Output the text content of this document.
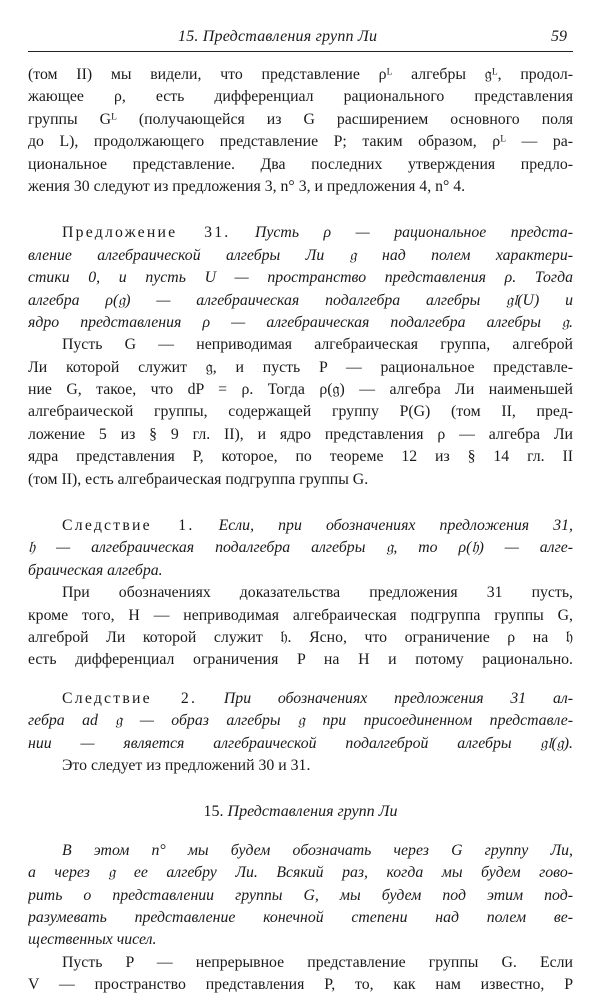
15. Представления групп Ли	59
(том II) мы видели, что представление ρᴸ алгебры 𝔤ᴸ, продол-
жающее ρ, есть дифференциал рационального представления
группы Gᴸ (получающейся из G расширением основного поля
до L), продолжающего представление P; таким образом, ρᴸ — ра-
циональное представление. Два последних утверждения предло-
жения 30 следуют из предложения 3, n° 3, и предложения 4, n° 4.
Предложение 31. Пусть ρ — рациональное предста-
вление алгебраической алгебры Ли 𝔤 над полем характери-
стики 0, и пусть U — пространство представления ρ. Тогда
алгебра ρ(𝔤) — алгебраическая подалгебра алгебры 𝔤𝔩(U) и
ядро представления ρ — алгебраическая подалгебра алгебры 𝔤.
Пусть G — неприводимая алгебраическая группа, алгеброй
Ли которой служит 𝔤, и пусть P — рациональное представле-
ние G, такое, что dP = ρ. Тогда ρ(𝔤) — алгебра Ли наименьшей
алгебраической группы, содержащей группу P(G) (том II, пред-
ложение 5 из § 9 гл. II), и ядро представления ρ — алгебра Ли
ядра представления P, которое, по теореме 12 из § 14 гл. II
(том II), есть алгебраическая подгруппа группы G.
Следствие 1. Если, при обозначениях предложения 31,
𝔥 — алгебраическая подалгебра алгебры 𝔤, то ρ(𝔥) — алге-
браическая алгебра.
При обозначениях доказательства предложения 31 пусть,
кроме того, H — неприводимая алгебраическая подгруппа группы G,
алгеброй Ли которой служит 𝔥. Ясно, что ограничение ρ на 𝔥
есть дифференциал ограничения P на H и потому рационально.
Следствие 2. При обозначениях предложения 31 ал-
гебра ad 𝔤 — образ алгебры 𝔤 при присоединенном представле-
нии — является алгебраической подалгеброй алгебры 𝔤𝔩(𝔤).
Это следует из предложений 30 и 31.
15. Представления групп Ли
В этом n° мы будем обозначать через G группу Ли,
а через 𝔤 ее алгебру Ли. Всякий раз, когда мы будем гово-
рить о представлении группы G, мы будем под этим под-
разумевать представление конечной степени над полем ве-
щественных чисел.
Пусть P — непрерывное представление группы G. Если
V — пространство представления P, то, как нам известно, P
